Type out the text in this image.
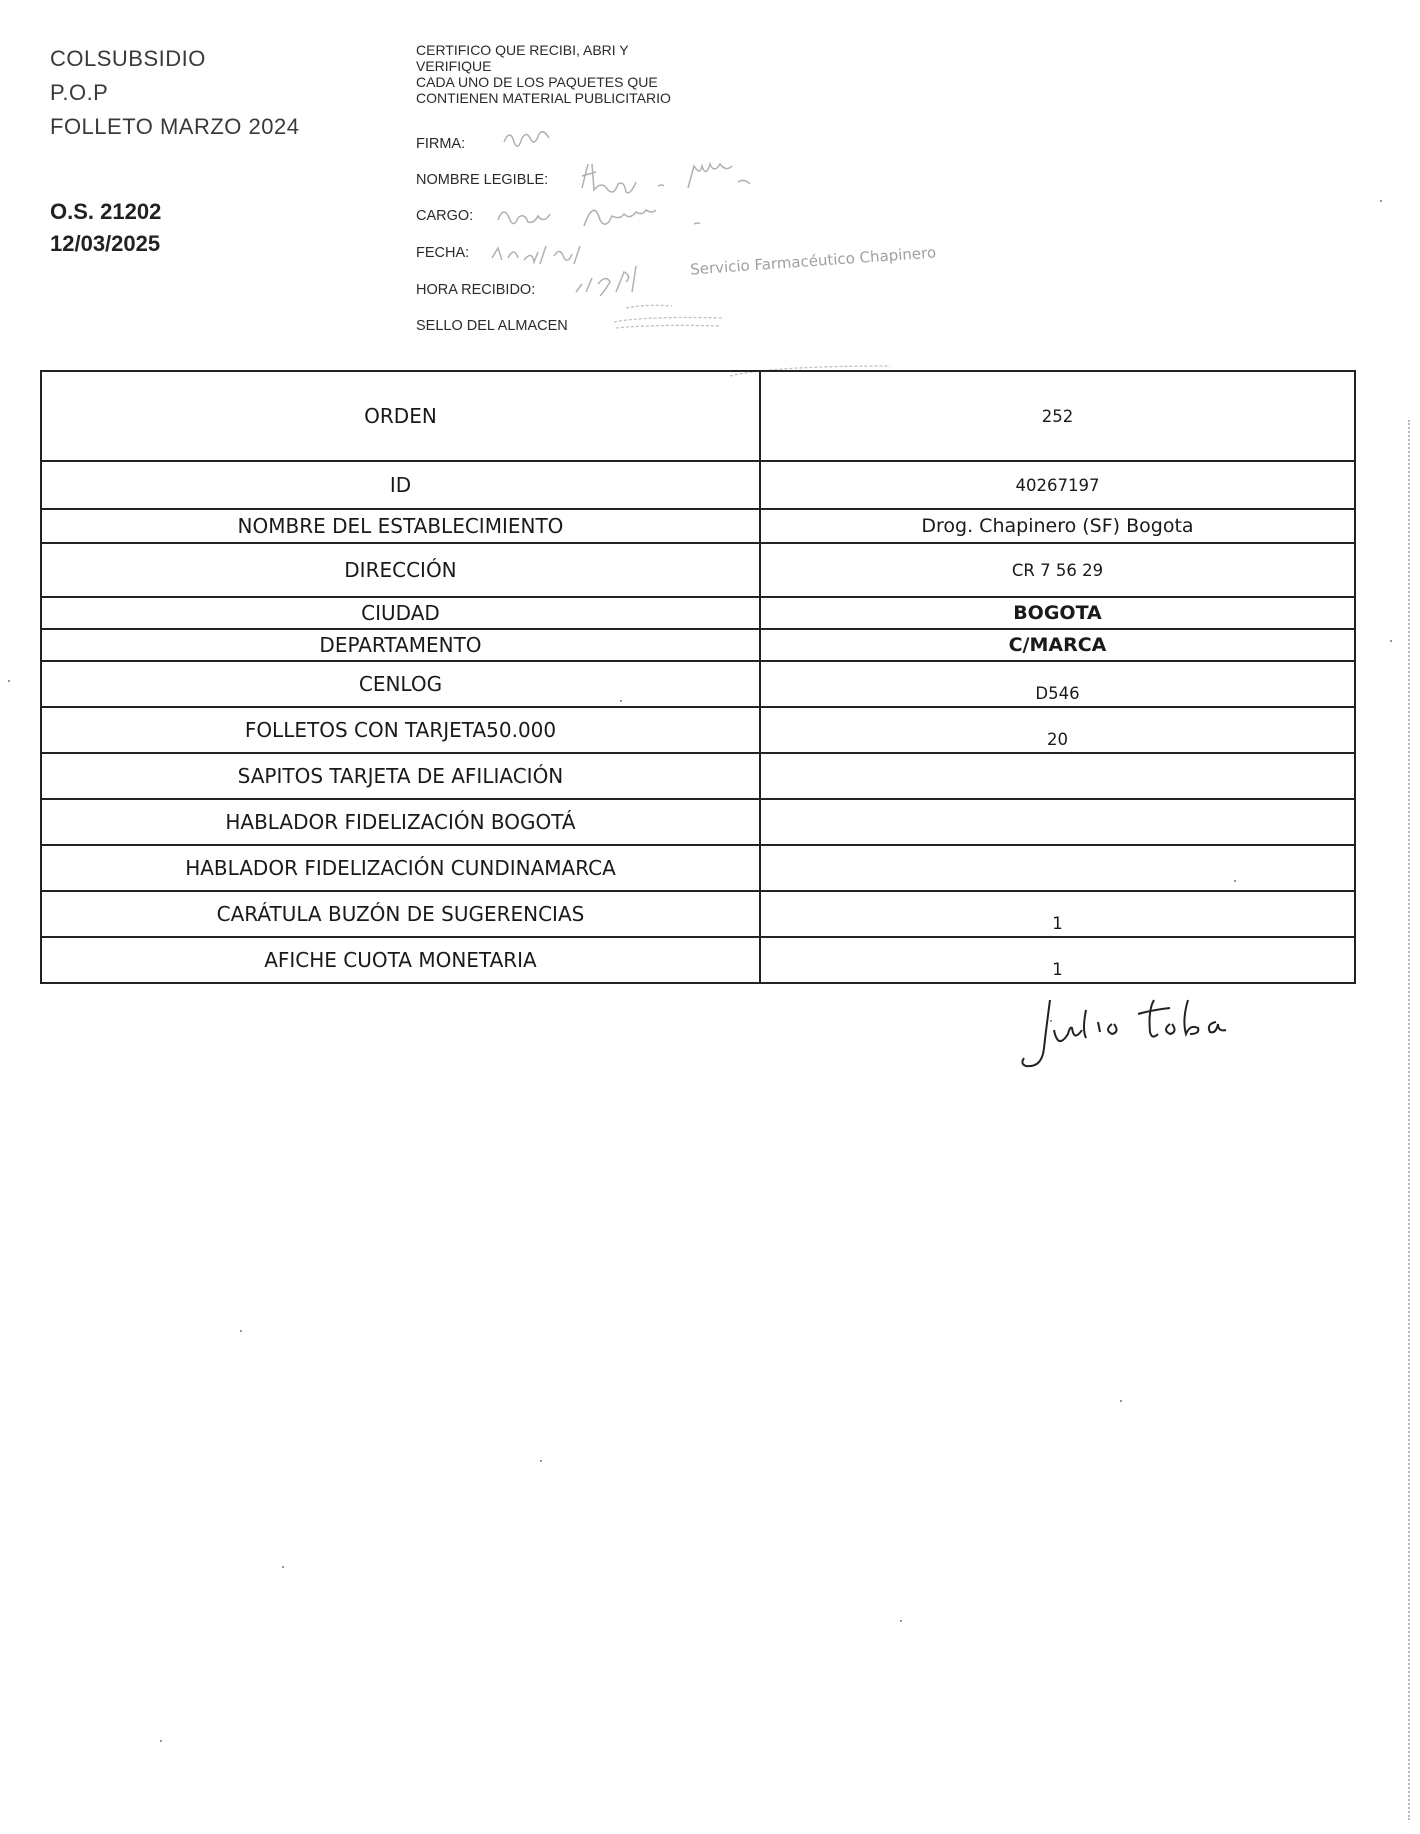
COLSUBSIDIO
P.O.P
FOLLETO MARZO 2024
O.S. 21202
12/03/2025
CERTIFICO QUE RECIBI, ABRI Y
VERIFIQUE
CADA UNO DE LOS PAQUETES QUE
CONTIENEN MATERIAL PUBLICITARIO
FIRMA:
NOMBRE LEGIBLE:
CARGO:
FECHA:
HORA RECIBIDO:
SELLO DEL ALMACEN
Servicio Farmacéutico Chapinero
ORDEN	252
ID	40267197
NOMBRE DEL ESTABLECIMIENTO	Drog. Chapinero (SF) Bogota
DIRECCIÓN	CR 7 56 29
CIUDAD	BOGOTA
DEPARTAMENTO	C/MARCA
CENLOG	D546
FOLLETOS CON TARJETA50.000	20
SAPITOS TARJETA DE AFILIACIÓN	
HABLADOR FIDELIZACIÓN BOGOTÁ	
HABLADOR FIDELIZACIÓN CUNDINAMARCA	
CARÁTULA BUZÓN DE SUGERENCIAS	1
AFICHE CUOTA MONETARIA	1
